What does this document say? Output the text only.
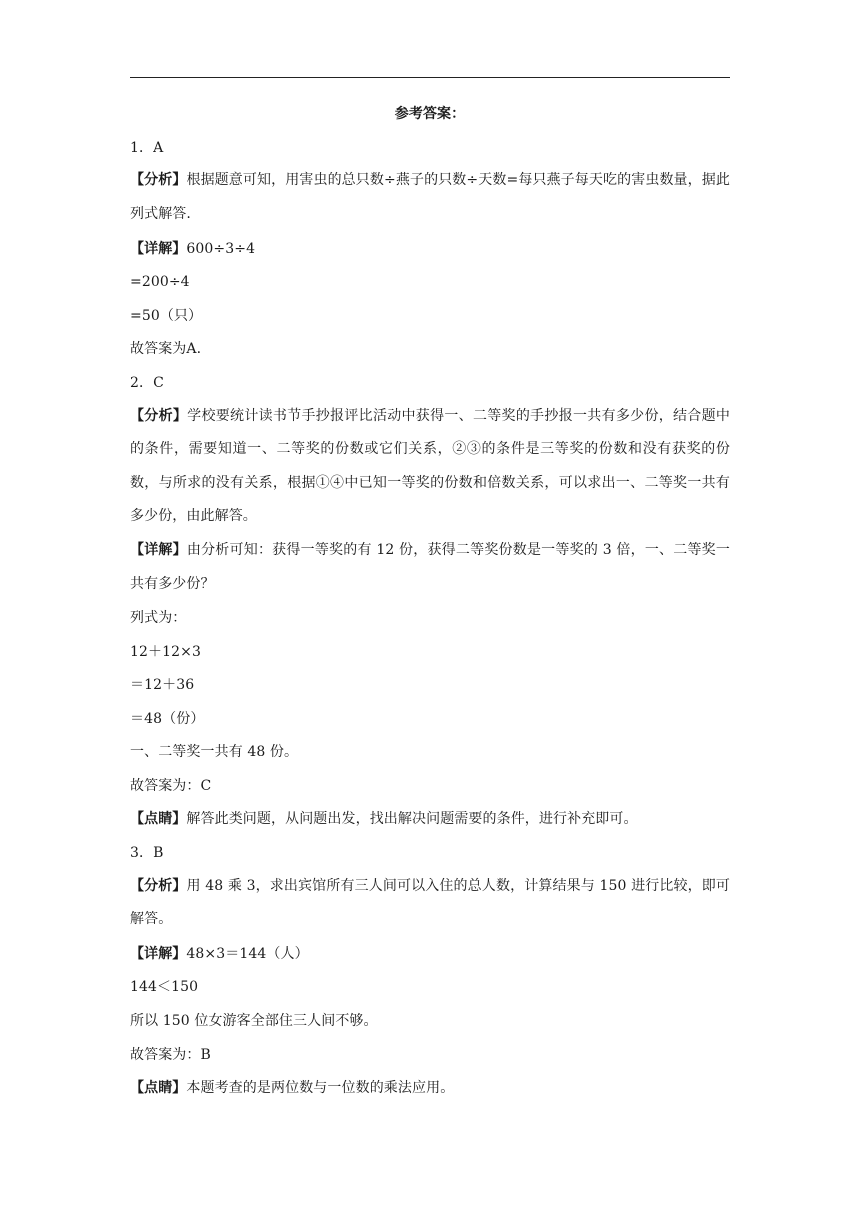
参考答案：
1．A
【分析】根据题意可知，用害虫的总只数÷燕子的只数÷天数=每只燕子每天吃的害虫数量，据此列式解答.
【详解】600÷3÷4
=200÷4
=50（只）
故答案为A.
2．C
【分析】学校要统计读书节手抄报评比活动中获得一、二等奖的手抄报一共有多少份，结合题中的条件，需要知道一、二等奖的份数或它们关系，②③的条件是三等奖的份数和没有获奖的份数，与所求的没有关系，根据①④中已知一等奖的份数和倍数关系，可以求出一、二等奖一共有多少份，由此解答。
【详解】由分析可知：获得一等奖的有 12 份，获得二等奖份数是一等奖的 3 倍，一、二等奖一共有多少份？
列式为：
12＋12×3
＝12＋36
＝48（份）
一、二等奖一共有 48 份。
故答案为：C
【点睛】解答此类问题，从问题出发，找出解决问题需要的条件，进行补充即可。
3．B
【分析】用 48 乘 3，求出宾馆所有三人间可以入住的总人数，计算结果与 150 进行比较，即可解答。
【详解】48×3＝144（人）
144＜150
所以 150 位女游客全部住三人间不够。
故答案为：B
【点睛】本题考查的是两位数与一位数的乘法应用。
